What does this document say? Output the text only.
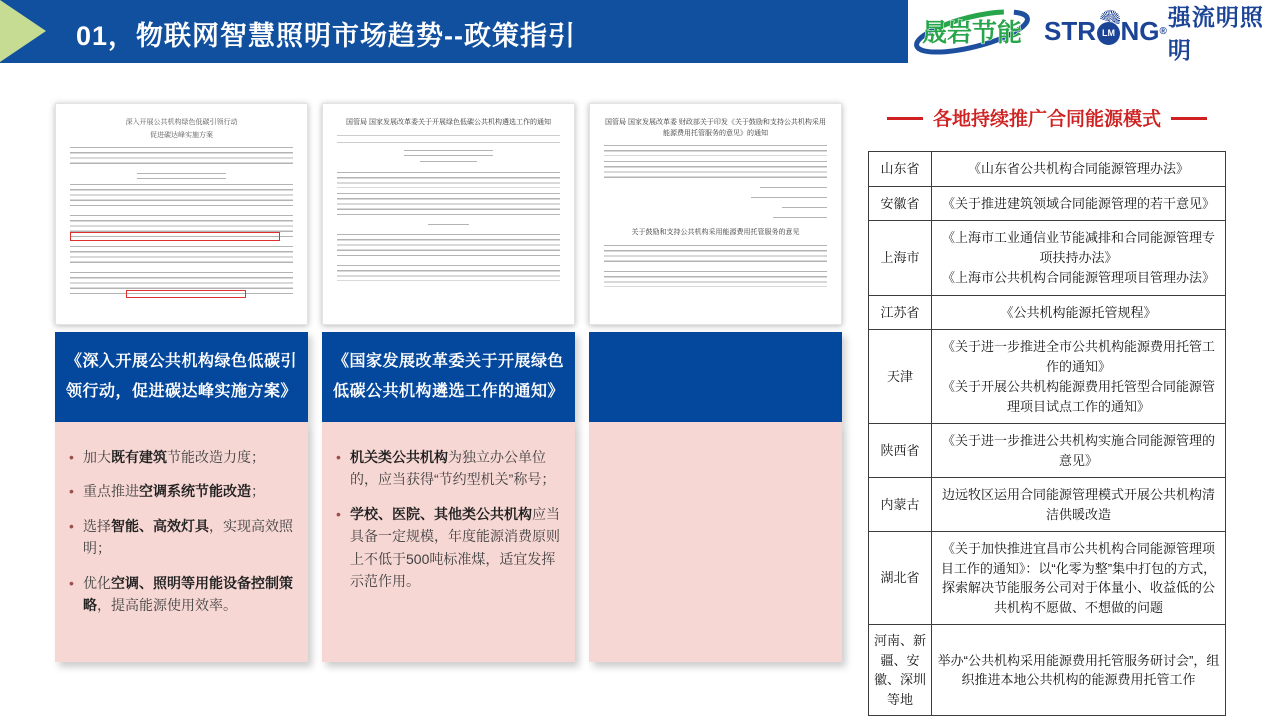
01，物联网智慧照明市场趋势--政策指引	晟岩节能 STR LM NG ®
强流明照明
深入开展公共机构绿色低碳引领行动
促进碳达峰实施方案
《深入开展公共机构绿色低碳引领行动，促进碳达峰实施方案》
• 加大既有建筑节能改造力度；
• 重点推进空调系统节能改造；
• 选择智能、高效灯具，实现高效照明；
• 优化空调、照明等用能设备控制策略，提高能源使用效率。
国管局 国家发展改革委关于开展绿色低碳公共机构遴选工作的通知
《国家发展改革委关于开展绿色低碳公共机构遴选工作的通知》
• 机关类公共机构为独立办公单位的，应当获得“节约型机关”称号；
• 学校、医院、其他类公共机构应当具备一定规模，年度能源消费原则上不低于500吨标准煤，适宜发挥示范作用。
国管局 国家发展改革委 财政部关于印发《关于鼓励和支持公共机构采用能源费用托管服务的意见》的通知
关于鼓励和支持公共机构采用能源费用托管服务的意见
各地持续推广合同能源模式
山东省	《山东省公共机构合同能源管理办法》

安徽省	《关于推进建筑领域合同能源管理的若干意见》

上海市	《上海市工业通信业节能减排和合同能源管理专项扶持办法》
《上海市公共机构合同能源管理项目管理办法》

江苏省	《公共机构能源托管规程》

天津	《关于进一步推进全市公共机构能源费用托管工作的通知》
《关于开展公共机构能源费用托管型合同能源管理项目试点工作的通知》

陕西省	《关于进一步推进公共机构实施合同能源管理的意见》

内蒙古	边远牧区运用合同能源管理模式开展公共机构清洁供暖改造

湖北省	《关于加快推进宜昌市公共机构合同能源管理项目工作的通知》：以“化零为整”集中打包的方式，探索解决节能服务公司对于体量小、收益低的公共机构不愿做、不想做的问题

河南、新疆、安徽、深圳等地	举办“公共机构采用能源费用托管服务研讨会”，组织推进本地公共机构的能源费用托管工作
